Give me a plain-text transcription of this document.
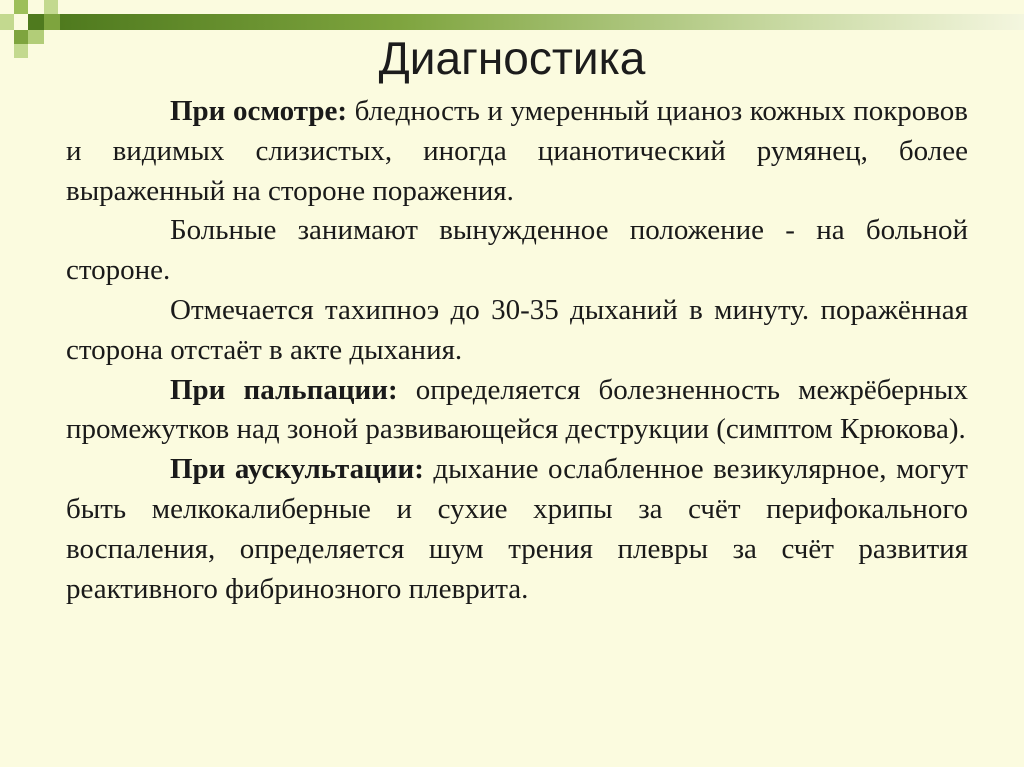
Диагностика

При осмотре: бледность и умеренный цианоз кожных покровов и видимых слизистых, иногда цианотический румянец, более выраженный на стороне поражения.

Больные занимают вынужденное положение - на больной стороне.

Отмечается тахипноэ до 30-35 дыханий в минуту. поражённая сторона отстаёт в акте дыхания.

При пальпации: определяется болезненность межрёберных промежутков над зоной развивающейся деструкции (симптом Крюкова).

При аускультации: дыхание ослабленное везикулярное, могут быть мелкокалиберные и сухие хрипы за счёт перифокального воспаления, определяется шум трения плевры за счёт развития реактивного фибринозного плеврита.
